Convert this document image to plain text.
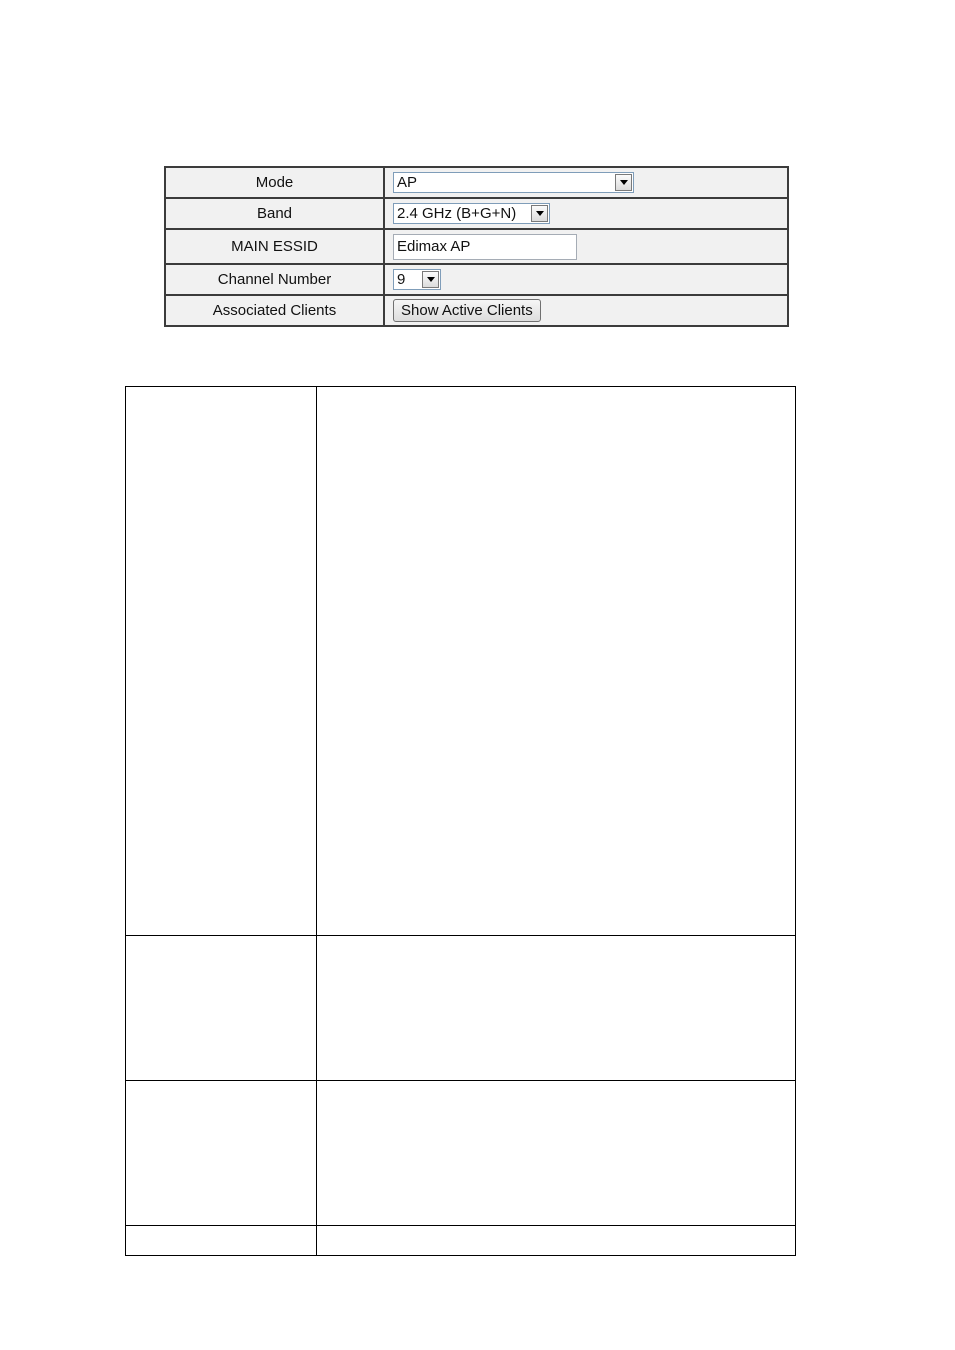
Mode	AP

Band	2.4 GHz (B+G+N)

MAIN ESSID	Edimax AP
Channel Number	9

Associated Clients	Show Active Clients
